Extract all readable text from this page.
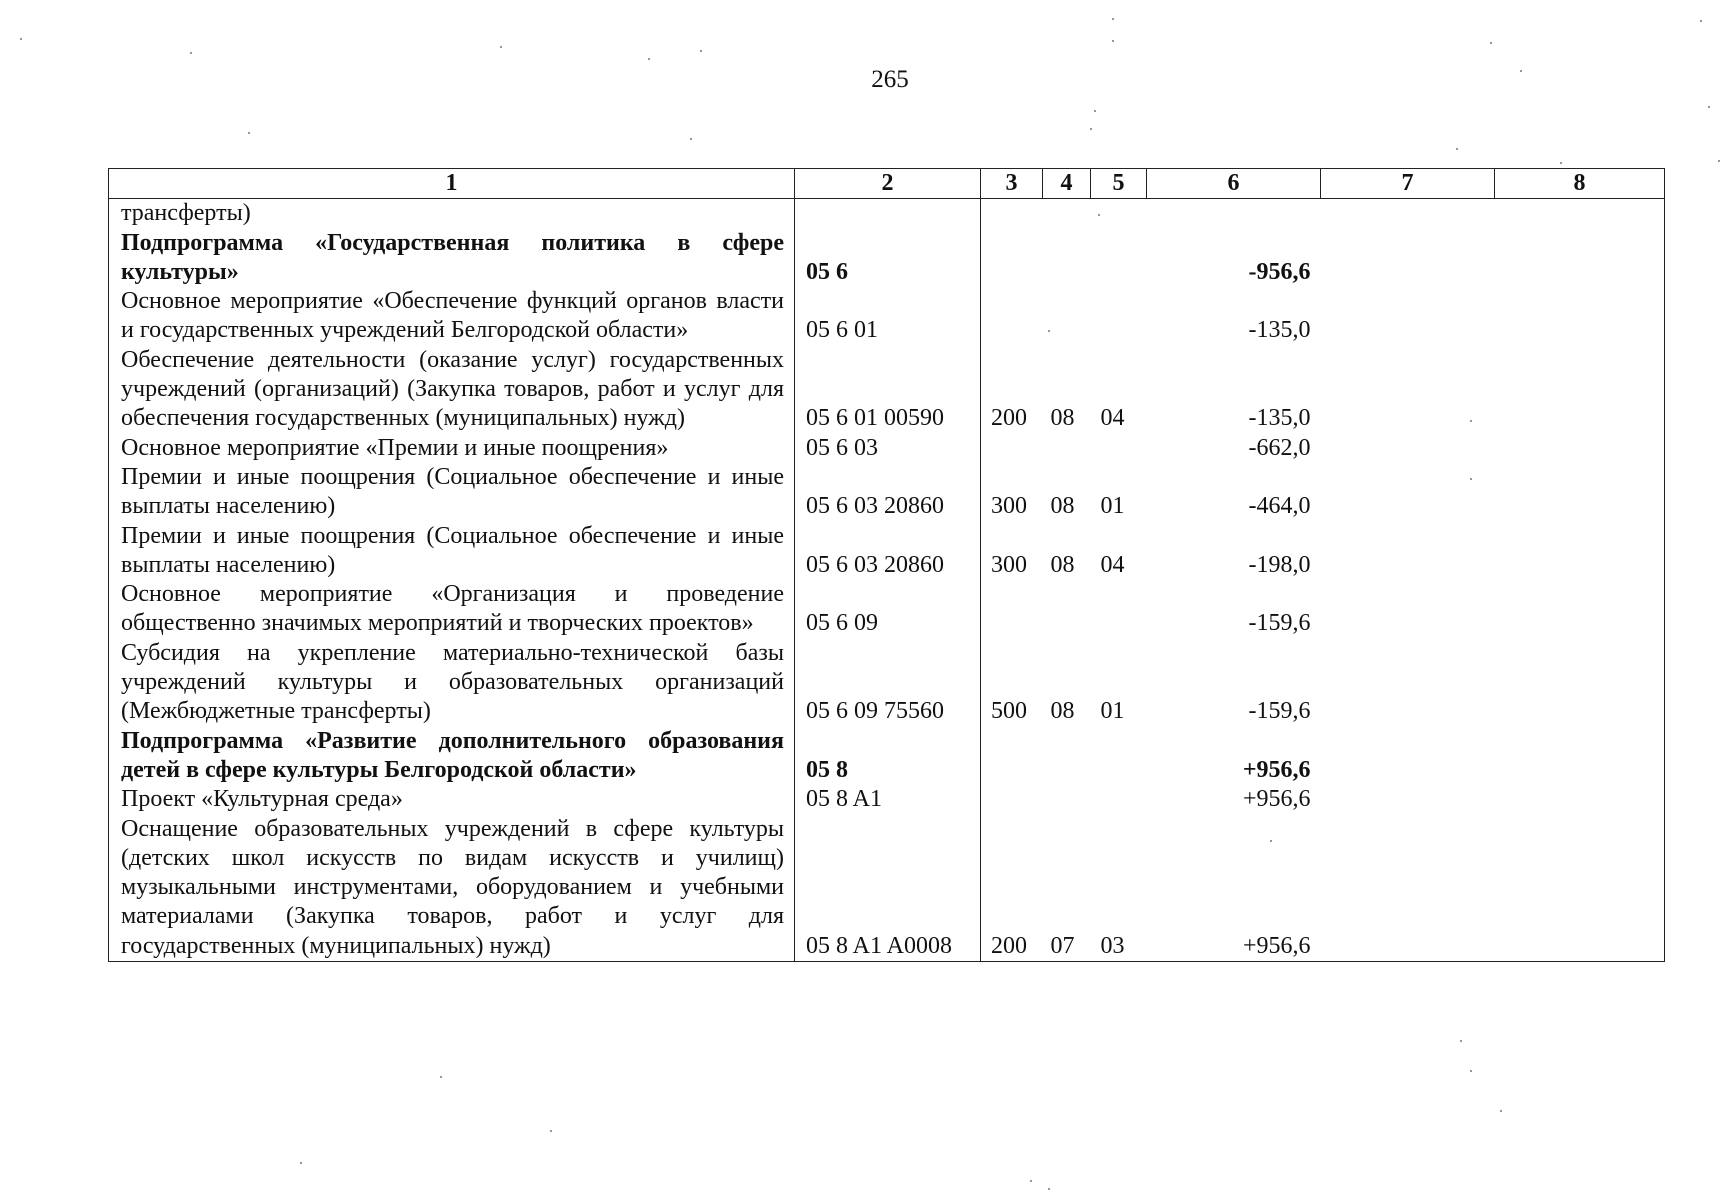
265
1	2	3	4	5	6	7	8
трансферты)							
Подпрограмма «Государственная политика в сфере культуры»	05 6				-956,6		
Основное мероприятие «Обеспечение функций органов власти и государственных учреждений Белгородской области»	05 6 01				-135,0		
Обеспечение деятельности (оказание услуг) государственных учреждений (организаций) (Закупка товаров, работ и услуг для обеспечения государственных (муниципальных) нужд)	05 6 01 00590	200	08	04	-135,0		
Основное мероприятие «Премии и иные поощрения»	05 6 03				-662,0		
Премии и иные поощрения (Социальное обеспечение и иные выплаты населению)	05 6 03 20860	300	08	01	-464,0		
Премии и иные поощрения (Социальное обеспечение и иные выплаты населению)	05 6 03 20860	300	08	04	-198,0		
Основное мероприятие «Организация и проведение общественно значимых мероприятий и творческих проектов»	05 6 09				-159,6		
Субсидия на укрепление материально-технической базы учреждений культуры и образовательных организаций (Межбюджетные трансферты)	05 6 09 75560	500	08	01	-159,6		
Подпрограмма «Развитие дополнительного образования детей в сфере культуры Белгородской области»	05 8				+956,6		
Проект «Культурная среда»	05 8 A1				+956,6		
Оснащение образовательных учреждений в сфере культуры (детских школ искусств по видам искусств и училищ) музыкальными инструментами, оборудованием и учебными материалами (Закупка товаров, работ и услуг для государственных (муниципальных) нужд)	05 8 A1 A0008	200	07	03	+956,6		
